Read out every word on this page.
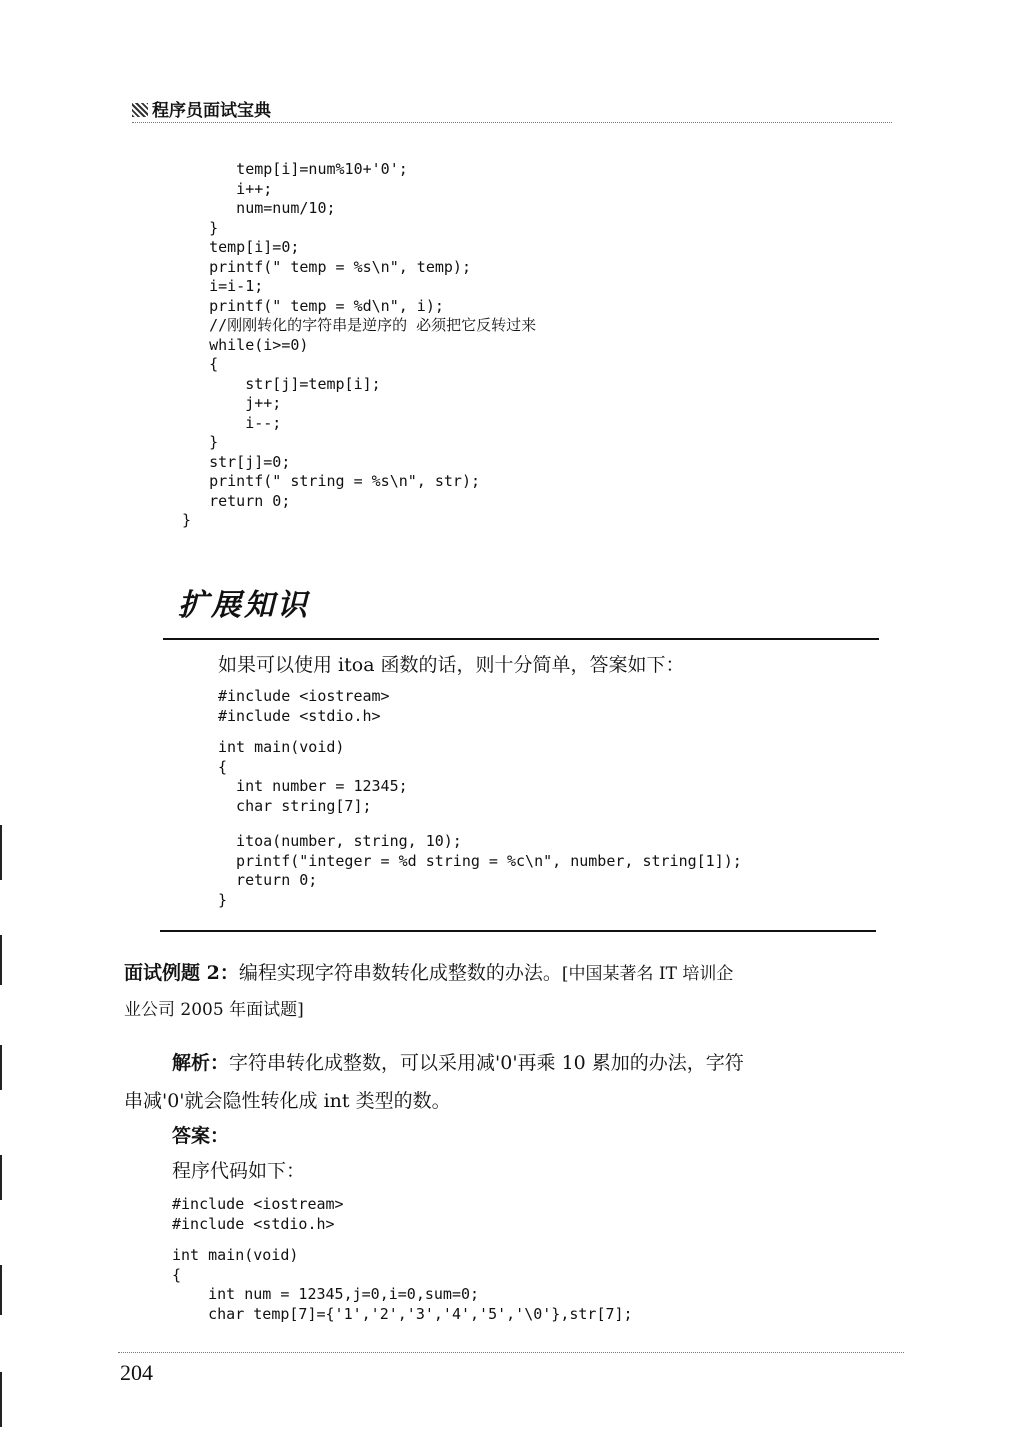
程序员面试宝典
temp[i]=num%10+'0';
i++;
num=num/10;
}
temp[i]=0;
printf(" temp = %s\n", temp);
i=i-1;
printf(" temp = %d\n", i);
//刚刚转化的字符串是逆序的 必须把它反转过来
while(i>=0)
{
str[j]=temp[i];
j++;
i--;
}
str[j]=0;
printf(" string = %s\n", str);
return 0;
}
扩展知识
如果可以使用 itoa 函数的话，则十分简单，答案如下：
#include <iostream>
#include <stdio.h>
int main(void)
{
int number = 12345;
char string[7];
itoa(number, string, 10);
printf("integer = %d string = %c\n", number, string[1]);
return 0;
}
面试例题 2：编程实现字符串数转化成整数的办法。[中国某著名 IT 培训企
业公司 2005 年面试题]
解析：字符串转化成整数，可以采用减'0'再乘 10 累加的办法，字符
串减'0'就会隐性转化成 int 类型的数。
答案：
程序代码如下：
#include <iostream>
#include <stdio.h>
int main(void)
{
int num = 12345,j=0,i=0,sum=0;
char temp[7]={'1','2','3','4','5','\0'},str[7];
204
